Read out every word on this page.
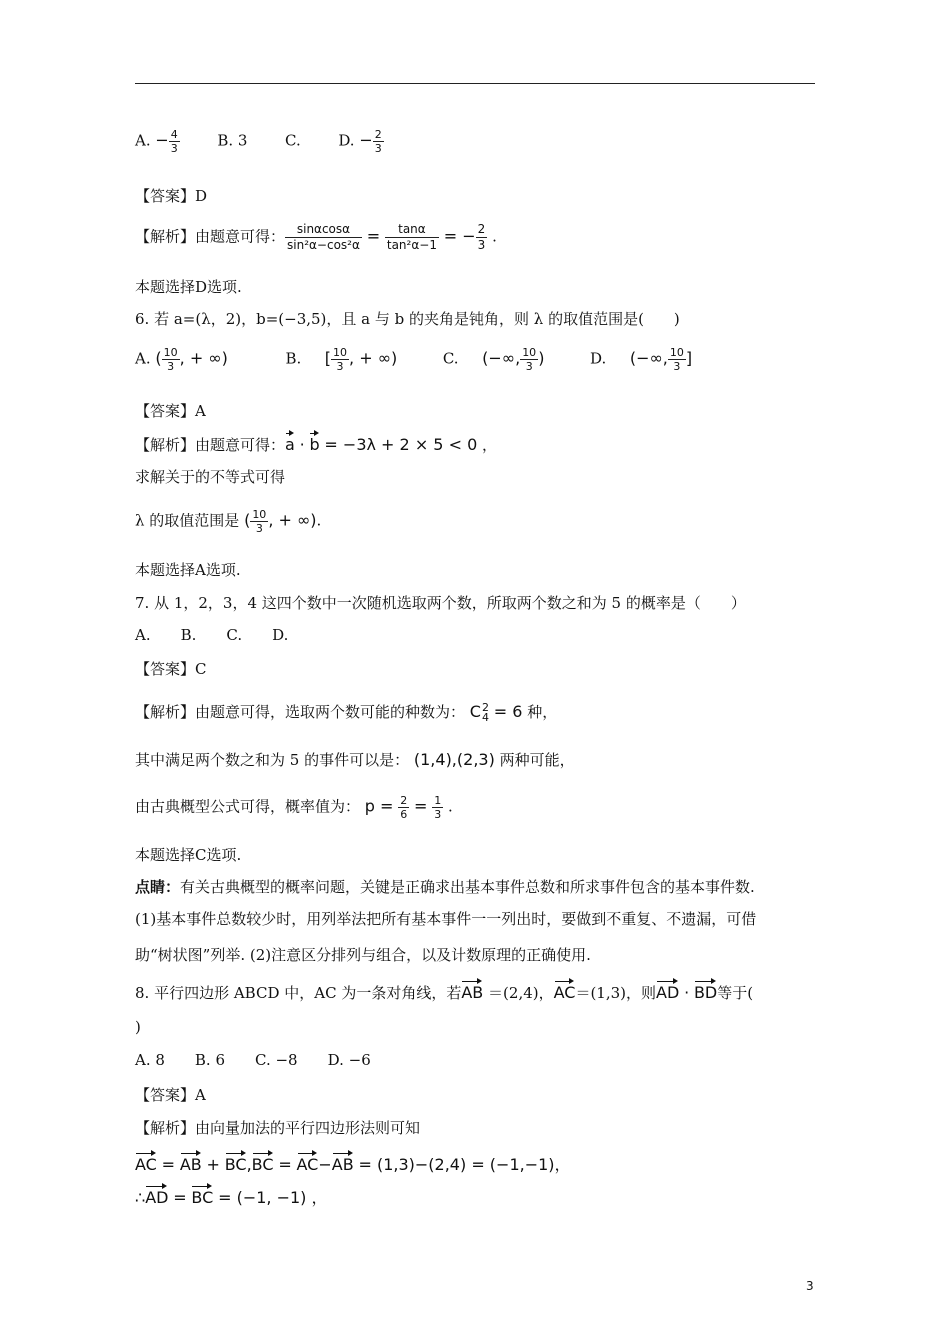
A. − $\frac{4}{3}$	B. 3	C.	D. − $\frac{2}{3}$
【答案】D
【解析】由题意可得： $\frac{\sin\alpha\cos\alpha}{\text{sin²α−cos²α}} = \frac{\tan\alpha}{\text{tan²α−1}}$ = − $\frac{2}{3}$ .
本题选择D选项.
6. 若 a=(λ，2)，b=(−3,5)，且 a 与 b 的夹角是钝角，则 λ 的取值范围是(　　)
A. ( $\frac{10}{3}$ , + ∞)	B. [ $\frac{10}{3}$ , + ∞)	C. (−∞, $\frac{10}{3}$ )	D. (−∞, $\frac{10}{3}$ ]
【答案】A
【解析】由题意可得：a · b = −3λ + 2 × 5 < 0 ，
求解关于的不等式可得
λ 的取值范围是 ( $\frac{10}{3}$ , + ∞).
本题选择A选项.
7. 从 1，2，3，4 这四个数中一次随机选取两个数，所取两个数之和为 5 的概率是（　　）
A.　　B.　　C.　　D.
【答案】C
【解析】由题意可得，选取两个数可能的种数为： C 2
4 = 6 种，
其中满足两个数之和为 5 的事件可以是： (1,4),(2,3) 两种可能，
由古典概型公式可得，概率值为： $p = \frac{2}{6} = \frac{1}{3}$ .
本题选择C选项.
点睛：有关古典概型的概率问题，关键是正确求出基本事件总数和所求事件包含的基本事件数.
(1)基本事件总数较少时，用列举法把所有基本事件一一列出时，要做到不重复、不遗漏，可借
助“树状图”列举. (2)注意区分排列与组合，以及计数原理的正确使用.
8. 平行四边形 ABCD 中，AC 为一条对角线，若AB ＝(2,4)，AC＝(1,3)，则AD · BD等于(
)
A. 8　　B. 6　　C. −8　　D. −6
【答案】A
【解析】由向量加法的平行四边形法则可知
AC = AB + BC,BC = AC−AB = (1,3)−(2,4) = (−1,−1)，
∴AD = BC = (−1, −1) ，
3
